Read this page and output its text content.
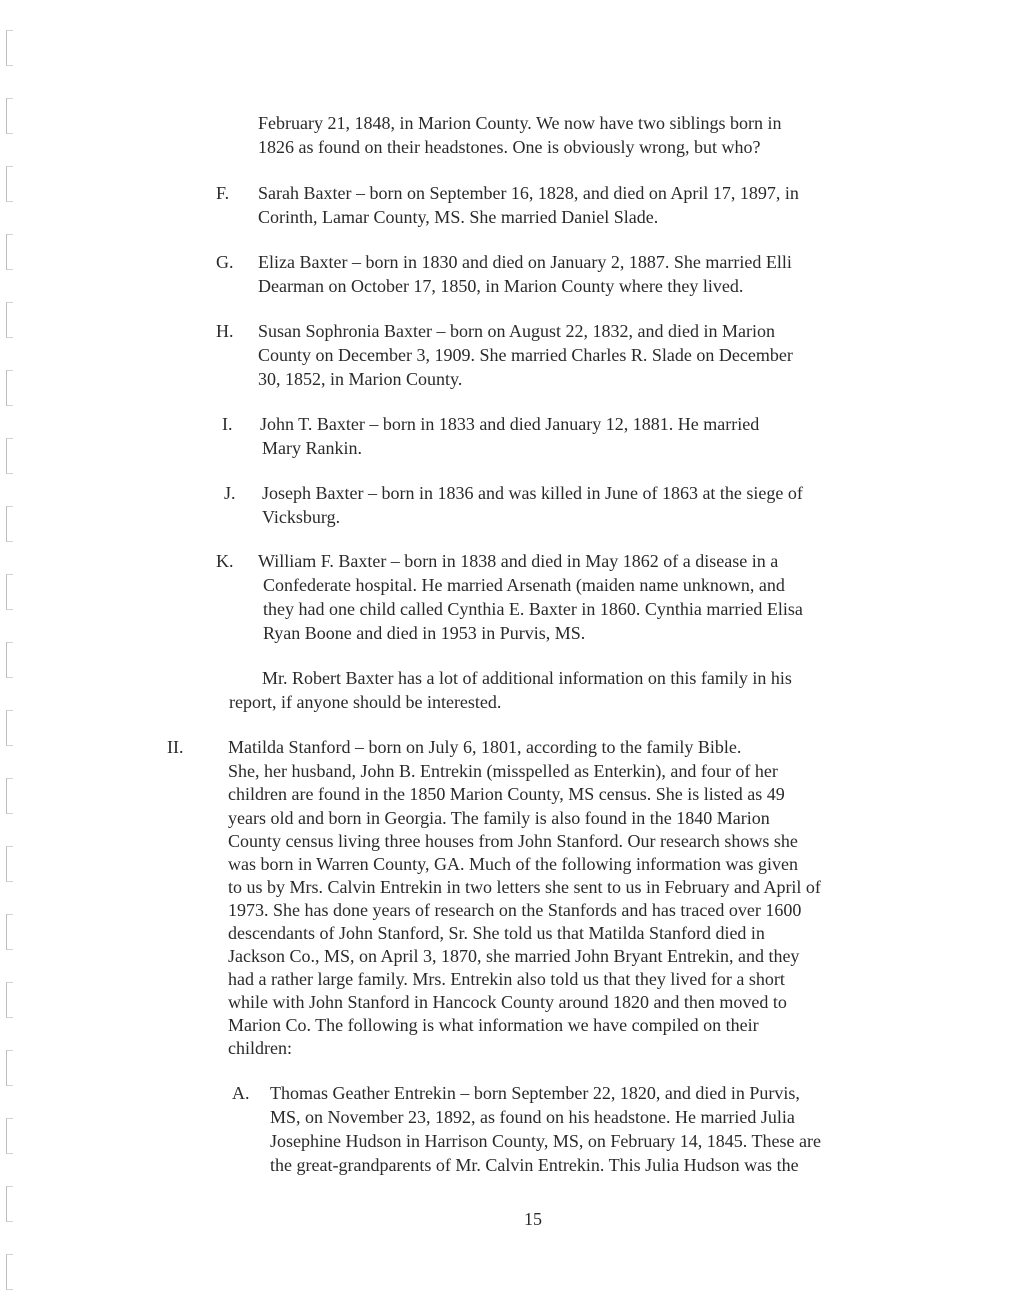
February 21, 1848, in Marion County. We now have two siblings born in
1826 as found on their headstones. One is obviously wrong, but who?
F. Sarah Baxter – born on September 16, 1828, and died on April 17, 1897, in
Corinth, Lamar County, MS. She married Daniel Slade.
G. Eliza Baxter – born in 1830 and died on January 2, 1887. She married Elli
Dearman on October 17, 1850, in Marion County where they lived.
H. Susan Sophronia Baxter – born on August 22, 1832, and died in Marion
County on December 3, 1909. She married Charles R. Slade on December
30, 1852, in Marion County.
I. John T. Baxter – born in 1833 and died January 12, 1881. He married
Mary Rankin.
J. Joseph Baxter – born in 1836 and was killed in June of 1863 at the siege of
Vicksburg.
K. William F. Baxter – born in 1838 and died in May 1862 of a disease in a
Confederate hospital. He married Arsenath (maiden name unknown, and
they had one child called Cynthia E. Baxter in 1860. Cynthia married Elisa
Ryan Boone and died in 1953 in Purvis, MS.
Mr. Robert Baxter has a lot of additional information on this family in his
report, if anyone should be interested.
II. Matilda Stanford – born on July 6, 1801, according to the family Bible.
She, her husband, John B. Entrekin (misspelled as Enterkin), and four of her
children are found in the 1850 Marion County, MS census. She is listed as 49
years old and born in Georgia. The family is also found in the 1840 Marion
County census living three houses from John Stanford. Our research shows she
was born in Warren County, GA. Much of the following information was given
to us by Mrs. Calvin Entrekin in two letters she sent to us in February and April of
1973. She has done years of research on the Stanfords and has traced over 1600
descendants of John Stanford, Sr. She told us that Matilda Stanford died in
Jackson Co., MS, on April 3, 1870, she married John Bryant Entrekin, and they
had a rather large family. Mrs. Entrekin also told us that they lived for a short
while with John Stanford in Hancock County around 1820 and then moved to
Marion Co. The following is what information we have compiled on their
children:
A. Thomas Geather Entrekin – born September 22, 1820, and died in Purvis,
MS, on November 23, 1892, as found on his headstone. He married Julia
Josephine Hudson in Harrison County, MS, on February 14, 1845. These are
the great-grandparents of Mr. Calvin Entrekin. This Julia Hudson was the
15
